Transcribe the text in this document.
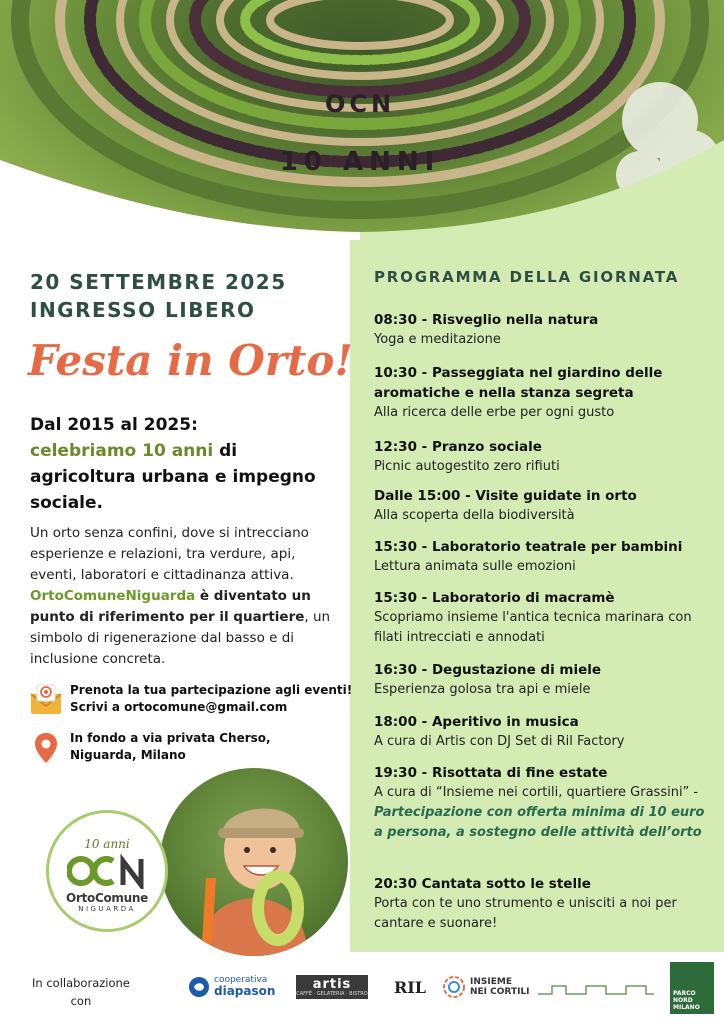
10 ANNI
OCN
20 SETTEMBRE 2025
INGRESSO LIBERO
Festa in Orto!
Dal 2015 al 2025:
celebriamo 10 anni di agricoltura urbana e impegno sociale.
Un orto senza confini, dove si intrecciano esperienze e relazioni, tra verdure, api, eventi, laboratori e cittadinanza attiva. OrtoComuneNiguarda è diventato un punto di riferimento per il quartiere, un simbolo di rigenerazione dal basso e di inclusione concreta.
Prenota la tua partecipazione agli eventi!
Scrivi a ortocomune@gmail.com
In fondo a via privata Cherso,
Niguarda, Milano
10 anni
OrtoComune
NIGUARDA
PROGRAMMA DELLA GIORNATA
08:30 - Risveglio nella natura
Yoga e meditazione
10:30 - Passeggiata nel giardino delle aromatiche e nella stanza segreta
Alla ricerca delle erbe per ogni gusto
12:30 - Pranzo sociale
Picnic autogestito zero rifiuti
Dalle 15:00 - Visite guidate in orto
Alla scoperta della biodiversità
15:30 - Laboratorio teatrale per bambini
Lettura animata sulle emozioni
15:30 - Laboratorio di macramè
Scopriamo insieme l'antica tecnica marinara con filati intrecciati e annodati
16:30 - Degustazione di miele
Esperienza golosa tra api e miele
18:00 - Aperitivo in musica
A cura di Artis con DJ Set di Ril Factory
19:30 - Risottata di fine estate
A cura di “Insieme nei cortili, quartiere Grassini” - Partecipazione con offerta minima di 10 euro a persona, a sostegno delle attività dell’orto
20:30 Cantata sotto le stelle
Porta con te uno strumento e unisciti a noi per cantare e suonare!
In collaborazione
con
cooperativa
diapason	artis
CAFFÈ · GELATERIA · BISTRO RIL	INSIEME
NEI CORTILI	PARCO
NORD
MILANO
